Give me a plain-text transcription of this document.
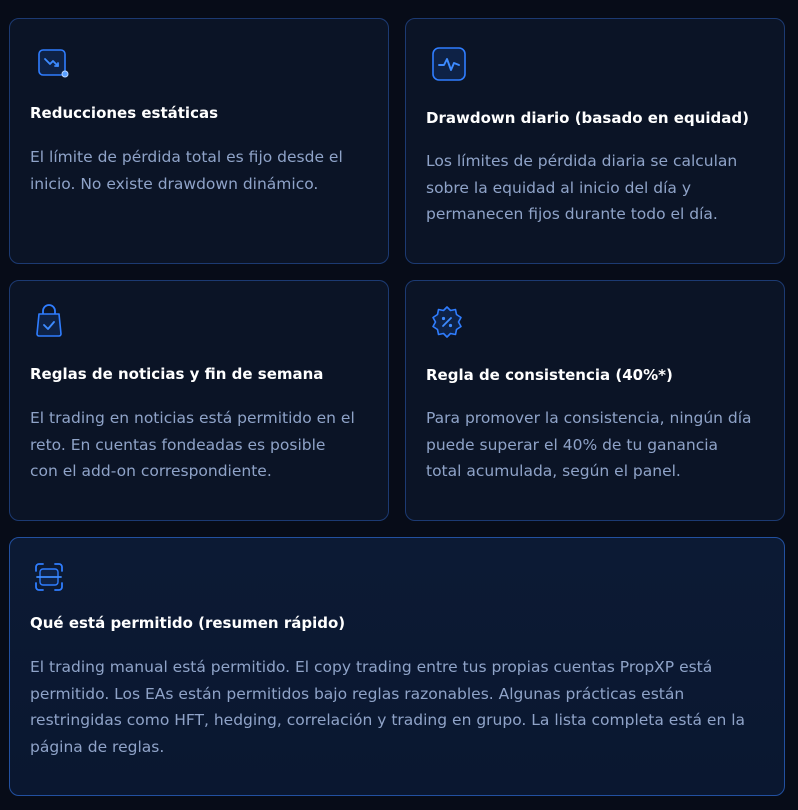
Reducciones estáticas
El límite de pérdida total es fijo desde el
inicio. No existe drawdown dinámico.
Drawdown diario (basado en equidad)
Los límites de pérdida diaria se calculan
sobre la equidad al inicio del día y
permanecen fijos durante todo el día.
Reglas de noticias y fin de semana
El trading en noticias está permitido en el
reto. En cuentas fondeadas es posible
con el add-on correspondiente.
Regla de consistencia (40%*)
Para promover la consistencia, ningún día
puede superar el 40% de tu ganancia
total acumulada, según el panel.
Qué está permitido (resumen rápido)
El trading manual está permitido. El copy trading entre tus propias cuentas PropXP está
permitido. Los EAs están permitidos bajo reglas razonables. Algunas prácticas están
restringidas como HFT, hedging, correlación y trading en grupo. La lista completa está en la
página de reglas.
